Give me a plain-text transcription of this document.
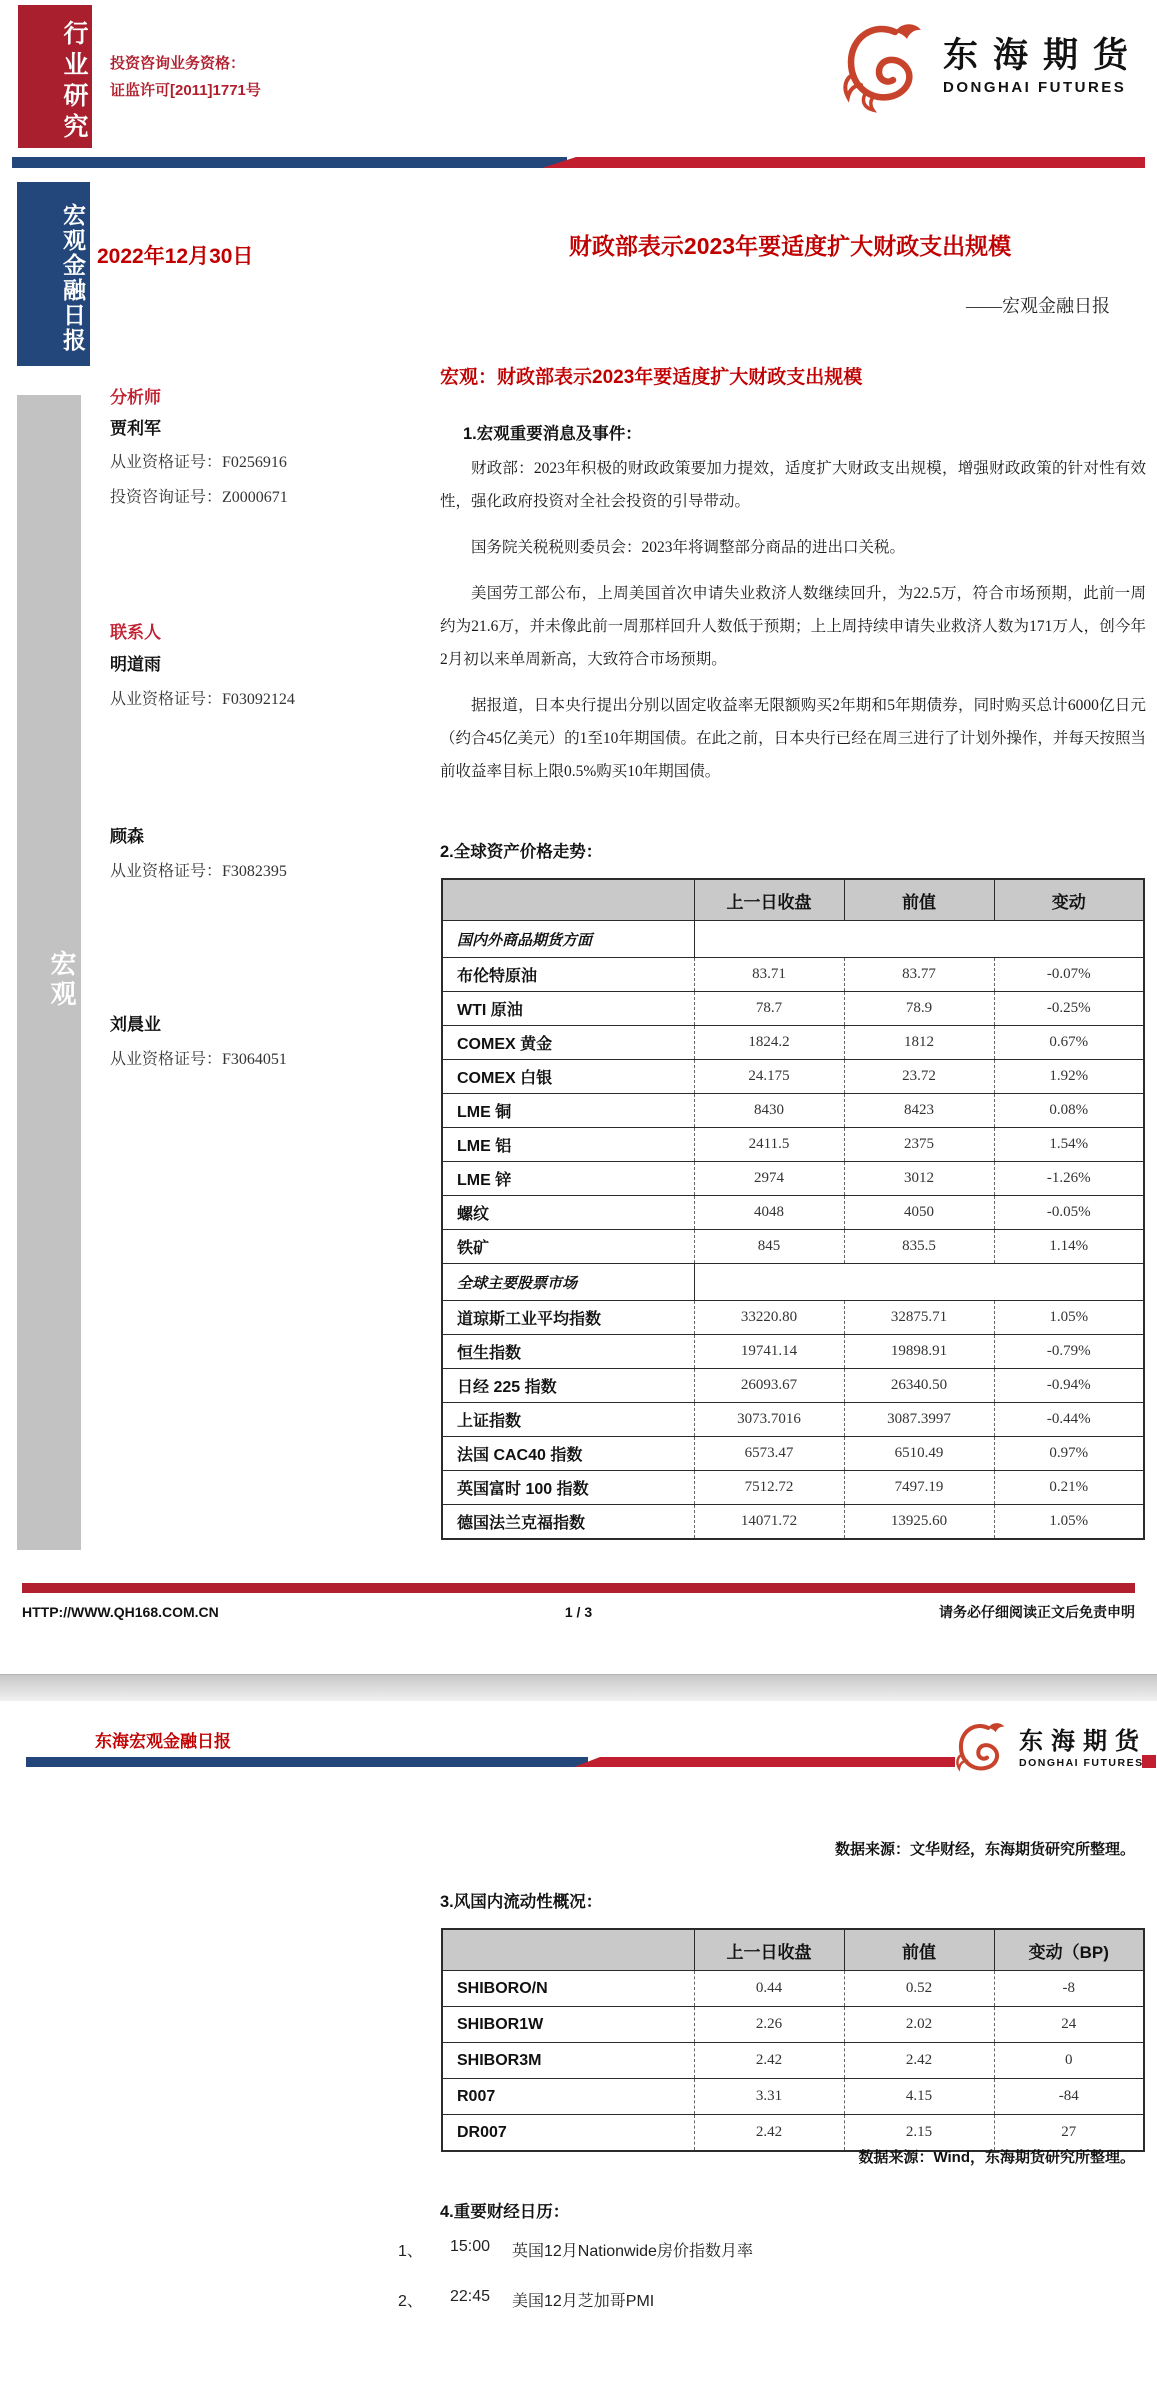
行业研究 投资咨询业务资格：
证监许可[2011]1771号
东海期货
DONGHAI FUTURES
宏观金融日报
宏观
2022年12月30日	财政部表示2023年要适度扩大财政支出规模
——宏观金融日报
分析师
贾利军
从业资格证号：F0256916
投资咨询证号：Z0000671
联系人
明道雨
从业资格证号：F03092124
顾森
从业资格证号：F3082395
刘晨业
从业资格证号：F3064051
宏观：财政部表示2023年要适度扩大财政支出规模
1.宏观重要消息及事件：

财政部：2023年积极的财政政策要加力提效，适度扩大财政支出规模，增强财政政策的针对性有效性，强化政府投资对全社会投资的引导带动。

国务院关税税则委员会：2023年将调整部分商品的进出口关税。

美国劳工部公布，上周美国首次申请失业救济人数继续回升，为22.5万，符合市场预期，此前一周约为21.6万，并未像此前一周那样回升人数低于预期；上上周持续申请失业救济人数为171万人，创今年2月初以来单周新高，大致符合市场预期。

据报道，日本央行提出分别以固定收益率无限额购买2年期和5年期债券，同时购买总计6000亿日元（约合45亿美元）的1至10年期国债。在此之前，日本央行已经在周三进行了计划外操作，并每天按照当前收益率目标上限0.5%购买10年期国债。

2.全球资产价格走势：
	上一日收盘	前值	变动
国内外商品期货方面			
布伦特原油	83.71	83.77	-0.07%
WTI 原油	78.7	78.9	-0.25%
COMEX 黄金	1824.2	1812	0.67%
COMEX 白银	24.175	23.72	1.92%
LME 铜	8430	8423	0.08%
LME 铝	2411.5	2375	1.54%
LME 锌	2974	3012	-1.26%
螺纹	4048	4050	-0.05%
铁矿	845	835.5	1.14%
全球主要股票市场			
道琼斯工业平均指数	33220.80	32875.71	1.05%
恒生指数	19741.14	19898.91	-0.79%
日经 225 指数	26093.67	26340.50	-0.94%
上证指数	3073.7016	3087.3997	-0.44%
法国 CAC40 指数	6573.47	6510.49	0.97%
英国富时 100 指数	7512.72	7497.19	0.21%
德国法兰克福指数	14071.72	13925.60	1.05%
HTTP://WWW.QH168.COM.CN	1 / 3	请务必仔细阅读正文后免责申明
东海宏观金融日报	东海期货
DONGHAI FUTURES
数据来源：文华财经，东海期货研究所整理。
3.风国内流动性概况：
	上一日收盘	前值	变动（BP)
SHIBORO/N	0.44	0.52	-8
SHIBOR1W	2.26	2.02	24
SHIBOR3M	2.42	2.42	0
R007	3.31	4.15	-84
DR007	2.42	2.15	27
数据来源：Wind，东海期货研究所整理。
4.重要财经日历：
1、	15:00	英国12月Nationwide房价指数月率
2、	22:45	美国12月芝加哥PMI
